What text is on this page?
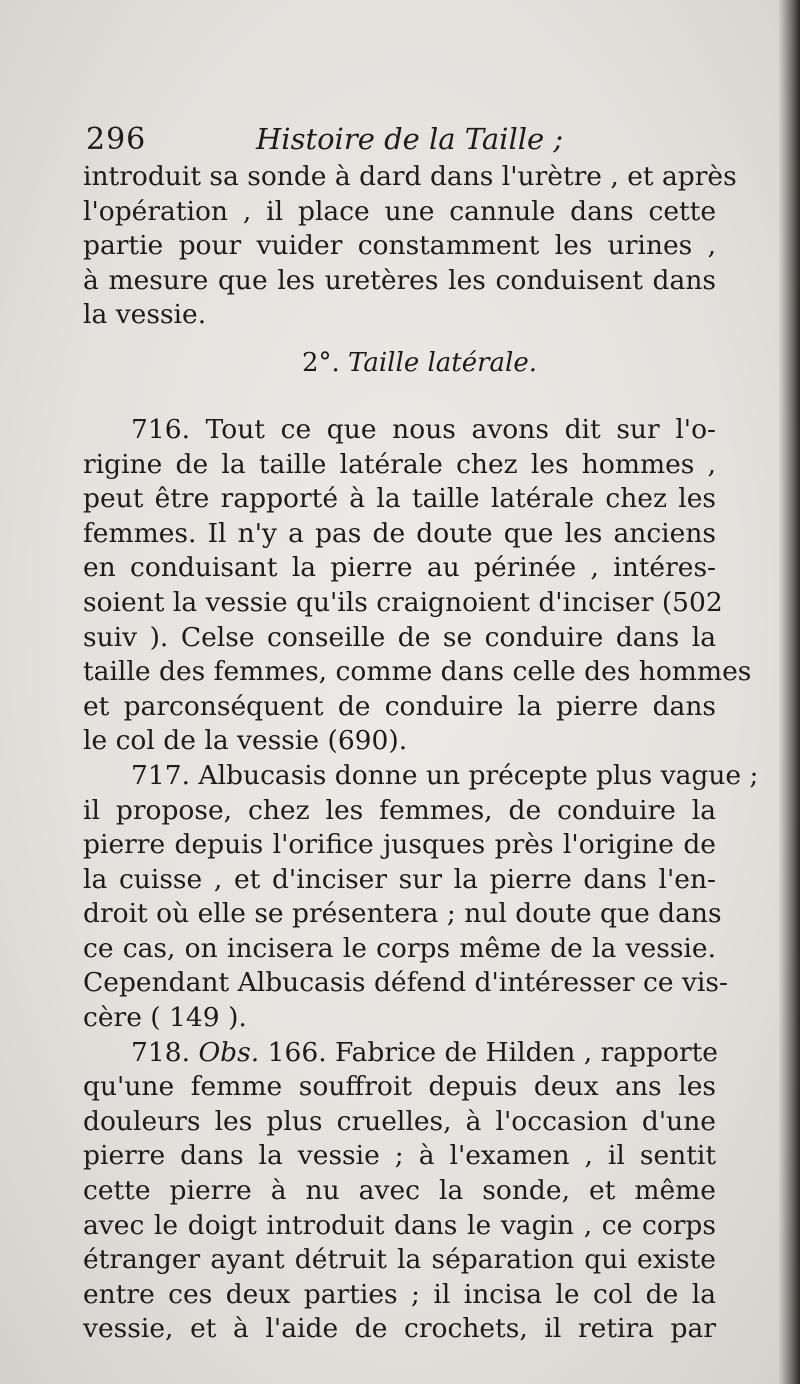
296	Histoire de la Taille ;
introduit sa sonde à dard dans l'urètre , et après
l'opération , il place une cannule dans cette
partie pour vuider constamment les urines ,
à mesure que les uretères les conduisent dans
la vessie.
2°. Taille latérale.
716. Tout ce que nous avons dit sur l'o-
rigine de la taille latérale chez les hommes ,
peut être rapporté à la taille latérale chez les
femmes. Il n'y a pas de doute que les anciens
en conduisant la pierre au périnée , intéres-
soient la vessie qu'ils craignoient d'inciser (502
suiv ). Celse conseille de se conduire dans la
taille des femmes, comme dans celle des hommes
et parconséquent de conduire la pierre dans
le col de la vessie (690).
717. Albucasis donne un précepte plus vague ;
il propose, chez les femmes, de conduire la
pierre depuis l'orifice jusques près l'origine de
la cuisse , et d'inciser sur la pierre dans l'en-
droit où elle se présentera ; nul doute que dans
ce cas, on incisera le corps même de la vessie.
Cependant Albucasis défend d'intéresser ce vis-
cère ( 149 ).
718. Obs. 166. Fabrice de Hilden , rapporte
qu'une femme souffroit depuis deux ans les
douleurs les plus cruelles, à l'occasion d'une
pierre dans la vessie ; à l'examen , il sentit
cette pierre à nu avec la sonde, et même
avec le doigt introduit dans le vagin , ce corps
étranger ayant détruit la séparation qui existe
entre ces deux parties ; il incisa le col de la
vessie, et à l'aide de crochets, il retira par
